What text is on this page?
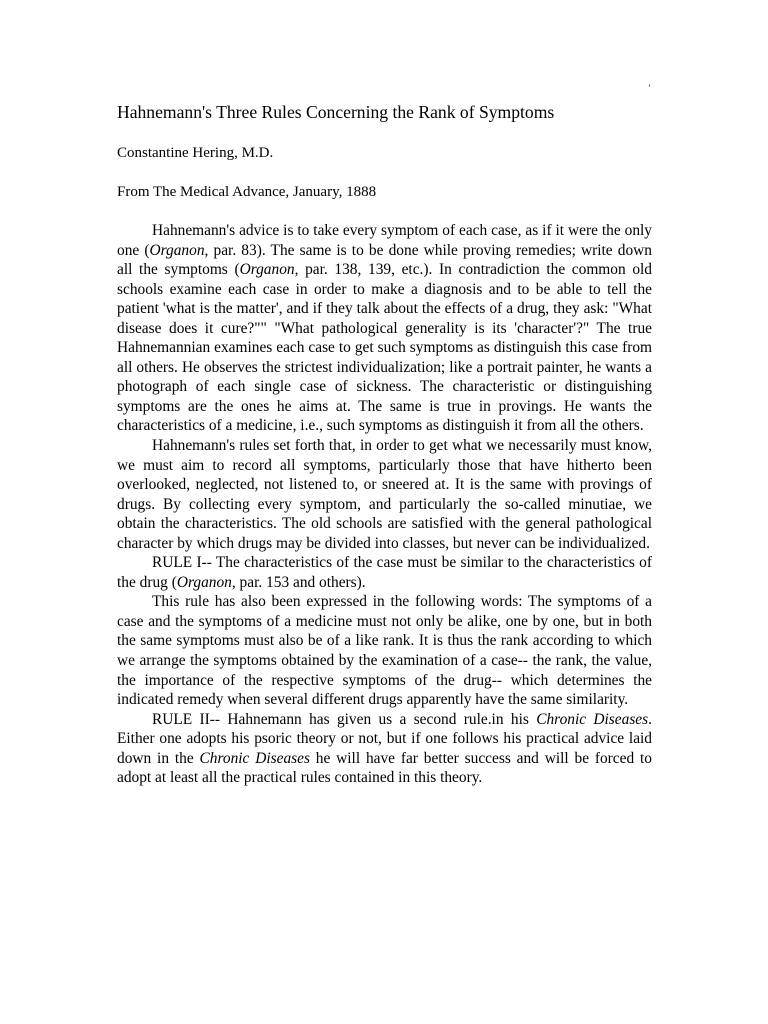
’
Hahnemann's Three Rules Concerning the Rank of Symptoms
Constantine Hering, M.D.
From The Medical Advance, January, 1888

Hahnemann's advice is to take every symptom of each case, as if it were the only one (Organon, par. 83). The same is to be done while proving remedies; write down all the symptoms (Organon, par. 138, 139, etc.). In contradiction the common old schools examine each case in order to make a diagnosis and to be able to tell the patient 'what is the matter', and if they talk about the effects of a drug, they ask: "What disease does it cure?"" "What pathological generality is its 'character'?" The true Hahnemannian examines each case to get such symptoms as distinguish this case from all others. He observes the strictest individualization; like a portrait painter, he wants a photograph of each single case of sickness. The characteristic or distinguishing symptoms are the ones he aims at. The same is true in provings. He wants the characteristics of a medicine, i.e., such symptoms as distinguish it from all the others.

Hahnemann's rules set forth that, in order to get what we necessarily must know, we must aim to record all symptoms, particularly those that have hitherto been overlooked, neglected, not listened to, or sneered at. It is the same with provings of drugs. By collecting every symptom, and particularly the so-called minutiae, we obtain the characteristics. The old schools are satisfied with the general pathological character by which drugs may be divided into classes, but never can be individualized.

RULE I-- The characteristics of the case must be similar to the characteristics of the drug (Organon, par. 153 and others).

This rule has also been expressed in the following words: The symptoms of a case and the symptoms of a medicine must not only be alike, one by one, but in both the same symptoms must also be of a like rank. It is thus the rank according to which we arrange the symptoms obtained by the examination of a case-- the rank, the value, the importance of the respective symptoms of the drug-- which determines the indicated remedy when several different drugs apparently have the same similarity.

RULE II-- Hahnemann has given us a second rule.in his Chronic Diseases. Either one adopts his psoric theory or not, but if one follows his practical advice laid down in the Chronic Diseases he will have far better success and will be forced to adopt at least all the practical rules contained in this theory.
